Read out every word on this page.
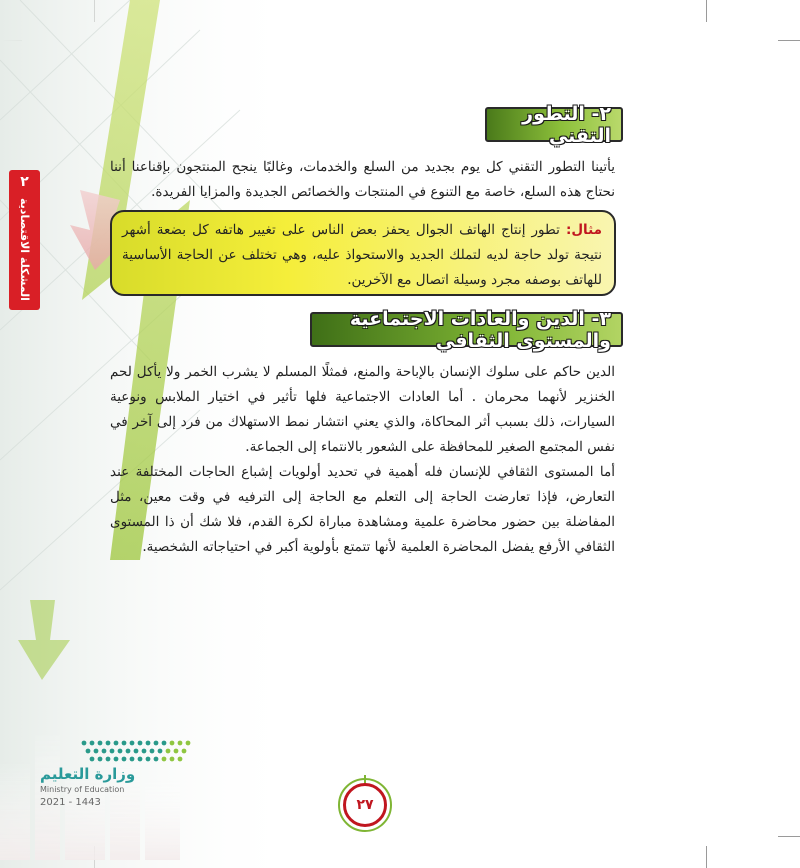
٢
المشكلة الاقتصادية
٢- التطور التقني

يأتينا التطور التقني كل يوم بجديد من السلع والخدمات، وغالبًا ينجح المنتجون بإقناعنا أننا نحتاج هذه السلع، خاصة مع التنوع في المنتجات والخصائص الجديدة والمزايا الفريدة.

مثال: تطور إنتاج الهاتف الجوال يحفز بعض الناس على تغيير هاتفه كل بضعة أشهر نتيجة تولد حاجة لديه لتملك الجديد والاستحواذ عليه، وهي تختلف عن الحاجة الأساسية للهاتف بوصفه مجرد وسيلة اتصال مع الآخرين.
٣- الدين والعادات الاجتماعية والمستوى الثقافي

الدين حاكم على سلوك الإنسان بالإباحة والمنع، فمثلًا المسلم لا يشرب الخمر ولا يأكل لحم الخنزير لأنهما محرمان . أما العادات الاجتماعية فلها تأثير في اختيار الملابس ونوعية السيارات، ذلك بسبب أثر المحاكاة، والذي يعني انتشار نمط الاستهلاك من فرد إلى آخر في نفس المجتمع الصغير للمحافظة على الشعور بالانتماء إلى الجماعة.

أما المستوى الثقافي للإنسان فله أهمية في تحديد أولويات إشباع الحاجات المختلفة عند التعارض، فإذا تعارضت الحاجة إلى التعلم مع الحاجة إلى الترفيه في وقت معين، مثل المفاضلة بين حضور محاضرة علمية ومشاهدة مباراة لكرة القدم، فلا شك أن ذا المستوى الثقافي الأرفع يفضل المحاضرة العلمية لأنها تتمتع بأولوية أكبر في احتياجاته الشخصية.

وزارة التعليم
Ministry of Education
2021 - 1443	٢٧
